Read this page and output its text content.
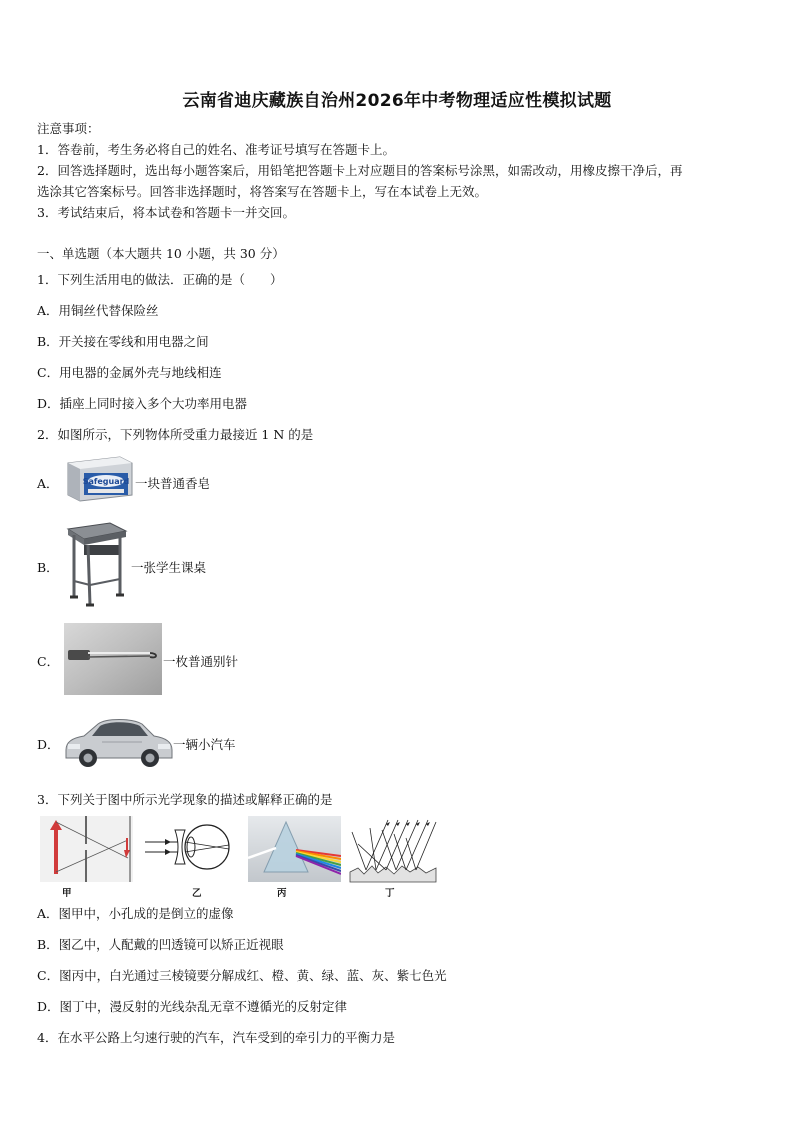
云南省迪庆藏族自治州2026年中考物理适应性模拟试题
注意事项：
1．答卷前，考生务必将自己的姓名、准考证号填写在答题卡上。
2．回答选择题时，选出每小题答案后，用铅笔把答题卡上对应题目的答案标号涂黑，如需改动，用橡皮擦干净后，再
选涂其它答案标号。回答非选择题时，将答案写在答题卡上，写在本试卷上无效。
3．考试结束后，将本试卷和答题卡一并交回。
一、单选题（本大题共 10 小题，共 30 分）
1．下列生活用电的做法．正确的是（　　）
A．用铜丝代替保险丝
B．开关接在零线和用电器之间
C．用电器的金属外壳与地线相连
D．插座上同时接入多个大功率用电器
2．如图所示，下列物体所受重力最接近 1 N 的是
A．	Safeguard 一块普通香皂
B．	一张学生课桌
C．	一枚普通别针
D．	一辆小汽车
3．下列关于图中所示光学现象的描述或解释正确的是
甲	乙	丙	丁
A．图甲中，小孔成的是倒立的虚像
B．图乙中，人配戴的凹透镜可以矫正近视眼
C．图丙中，白光通过三棱镜要分解成红、橙、黄、绿、蓝、灰、紫七色光
D．图丁中，漫反射的光线杂乱无章不遵循光的反射定律
4．在水平公路上匀速行驶的汽车，汽车受到的牵引力的平衡力是
